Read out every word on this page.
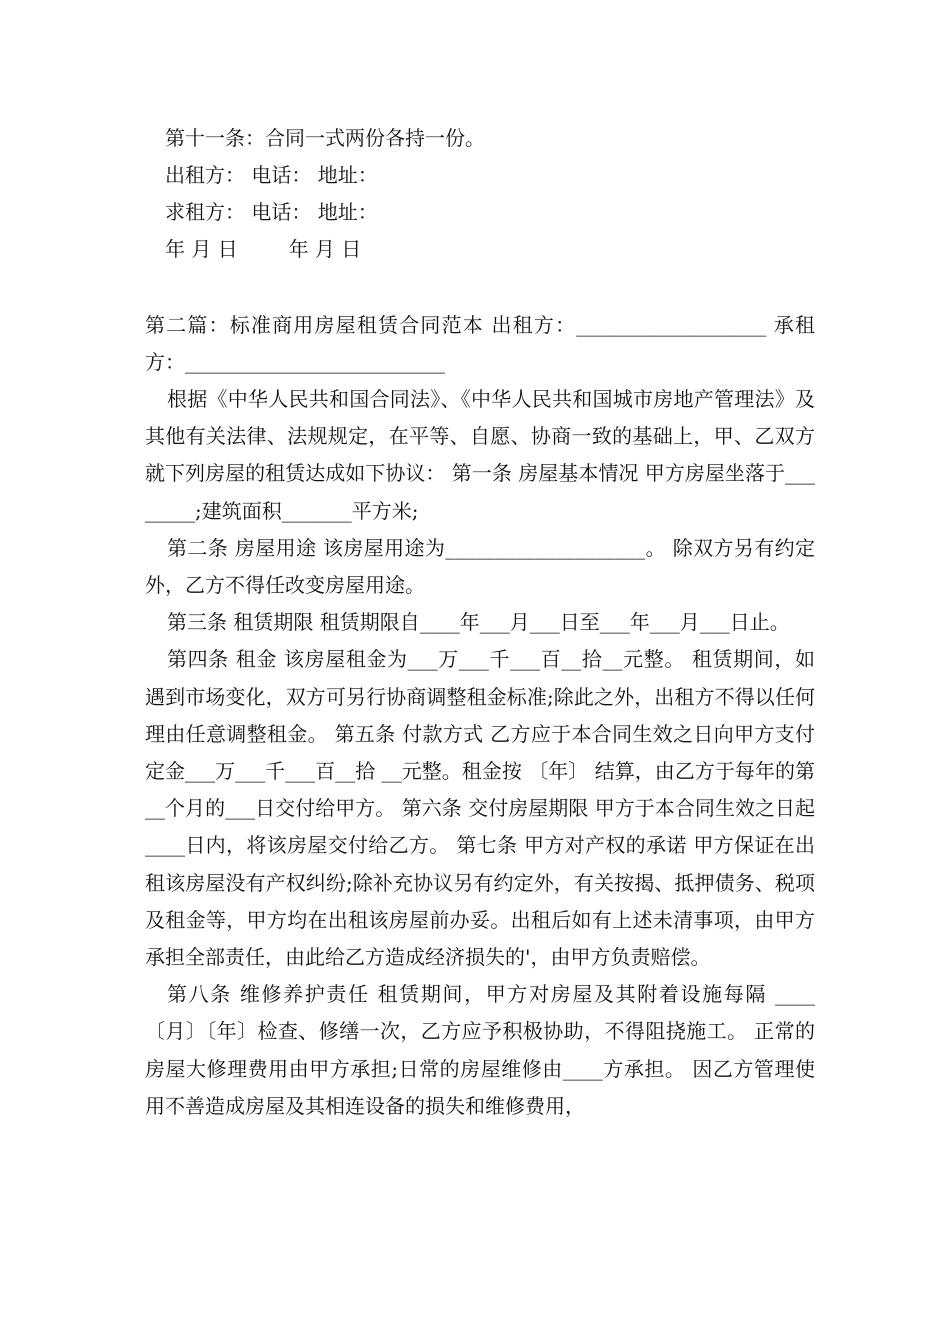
第十一条：合同一式两份各持一份。
出租方： 电话： 地址：
求租方： 电话： 地址：
年 月 日        年 月 日

第二篇：标准商用房屋租赁合同范本 出租方：___________________ 承租方：__________________________

根据《中华人民共和国合同法》、《中华人民共和国城市房地产管理法》及其他有关法律、法规规定，在平等、自愿、协商一致的基础上，甲、乙双方就下列房屋的租赁达成如下协议： 第一条 房屋基本情况 甲方房屋坐落于________;建筑面积_______平方米;

第二条 房屋用途 该房屋用途为____________________。 除双方另有约定外，乙方不得任改变房屋用途。

第三条 租赁期限 租赁期限自____年___月___日至___年___月___日止。

第四条 租金 该房屋租金为___万___千___百__拾__元整。 租赁期间，如遇到市场变化，双方可另行协商调整租金标准;除此之外，出租方不得以任何理由任意调整租金。 第五条 付款方式 乙方应于本合同生效之日向甲方支付定金___万___千___百__拾 __元整。租金按 〔年〕 结算，由乙方于每年的第__个月的___日交付给甲方。 第六条 交付房屋期限 甲方于本合同生效之日起____日内，将该房屋交付给乙方。 第七条 甲方对产权的承诺 甲方保证在出租该房屋没有产权纠纷;除补充协议另有约定外，有关按揭、抵押债务、税项及租金等，甲方均在出租该房屋前办妥。出租后如有上述未清事项，由甲方承担全部责任，由此给乙方造成经济损失的'，由甲方负责赔偿。

第八条 维修养护责任 租赁期间，甲方对房屋及其附着设施每隔 ____〔月〕〔年〕检查、修缮一次，乙方应予积极协助，不得阻挠施工。 正常的房屋大修理费用由甲方承担;日常的房屋维修由____方承担。 因乙方管理使用不善造成房屋及其相连设备的损失和维修费用，
